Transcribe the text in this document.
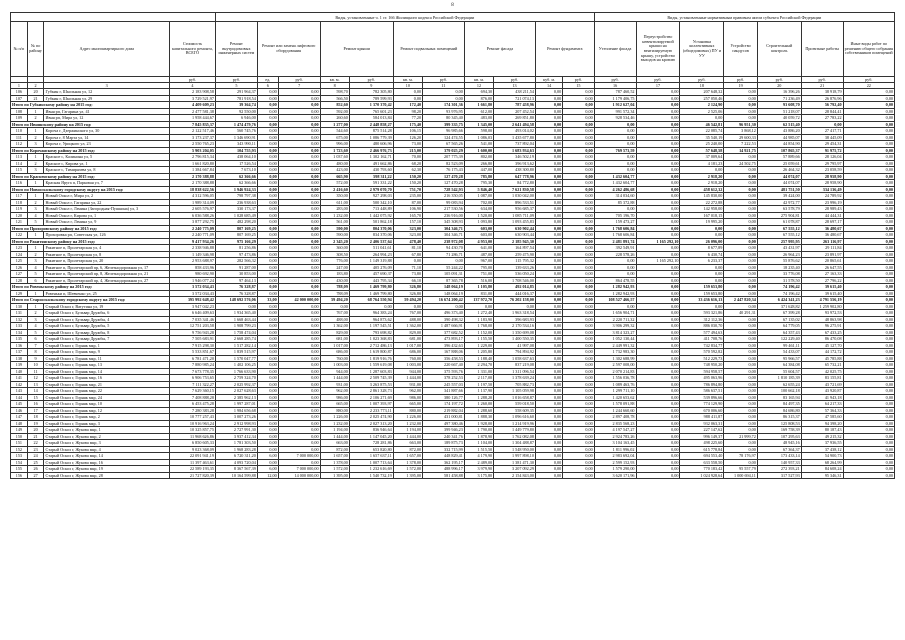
8
				Виды, установленные ч. 1 ст. 166 Жилищного кодекса Российской Федерации											Виды, установленные нормативным правовым актом субъекта Российской Федерации						
№ п/п	№ по району	Адрес многоквартирного дома	Стоимость капитального ремонта, ВСЕГО	Ремонт внутридомовых инженерных систем	Ремонт или замена лифтового оборудования		Ремонт крыши		Ремонт подвальных помещений		Ремонт фасада		Ремонт фундамента		Утепление фасада	Переустройство невентилируемой крыши на вентилируемую крышу, устройство выходов на кровлю	Установка коллективных (общедомовых) ПУ и УУ	Устройство пандусов	Строительный контроль	Проектные работы	Иные виды работ по решению общего собрания собственников помещений
			руб.	руб.	ед.	руб.	кв. м.	руб.	кв. м.	руб.	кв. м.	руб.	куб. м.	руб.	руб.	руб.	руб.	руб.	руб.	руб.	руб.
1	2	3	4	5	6	7	8	9	10	11	12	13	14	15	16	17	18	19	20	21	22
106	20	Губкин г, Школьная ул, 12	2 183 908,58	291 964,37	0,00	0,00	598,70	782 305,80	0,00	0,00	694,30	438 211,54	0,00	0,00	787 460,52	0,00	207 648,32	0,00	16 396,26	38 918,79	0,00
107	21	Губкин г, Школьная ул, 29	3 729 521,97	781 918,54	0,00	0,00	566,50	789 599,93	0,00	0,00	876,00	721 074,13	0,00	0,00	1 179 406,75	0,00	257 050,46	0,00	71 236,49	26 876,96	0,00
Итого по Губкинскому району на 2015 год:			4 409 609,23	39 364,74	0,00	0,00	852,60	1 370 370,42	172,40	174 301,36	1 661,80	787 458,96	0,00	0,00	1 912 627,04	0,00	2 124,90	0,00	93 608,70	56 792,40	0,00
108	1	Ивня рп, Гагарина ул, 41	2 477 581,38	92 550,00	0,00	0,00	592,00	765 601,23	98,20	93 976,95	612,00	207 452,54	0,00	0,00	991 572,34	0,00	2 525,06	0,00	51 218,07	28 844,41	0,00
109	2	Ивня рп, Мира ул, 12	1 958 444,67	6 946,00	0,00	0,00	260,60	584 013,84	77,20	80 345,40	483,00	269 851,80	0,00	0,00	928 534,46	0,00	0,00	0,00	40 059,72	27 783,22	0,00
Итого по Ивнянскому району на 2015 год:			7 845 835,37	1 474 479,76	0,00	0,00	1 277,00	2 448 858,27	175,40	399 335,75	1 345,00	2 641 494,58	0,00	0,00	0,00	0,00	46 542,81	96 951,30	62 515,40	0,00	0,00
110	1	Короча г, Дзержинского ул, 30	2 122 517,46	560 745,76	0,00	0,00	544,60	875 514,28	106,15	96 985,66	598,00	493 014,02	0,00	0,00	0,00	0,00	22 085,74	3 868,12	43 886,20	27 417,71	0,00
111	2	Короча г, 8 Марта ул, 14	3 173 237,37	1 346 690,91	0,00	0,00	675,00	1 086 779,39	126,20	124 474,55	1 086,03	1 435 677,80	0,00	0,00	0,00	0,00	35 540,19	29 600,33	44 985,07	38 445,09	0,00
112	3	Короча г, Урицкого ул, 23	2 550 765,23	343 990,11	0,00	0,00	996,00	480 606,96	73,00	67 565,26	541,00	737 892,04	0,00	0,00	0,00	0,00	25 240,00	7 222,53	44 854,90	29 454,31	0,00
Итого по Корочанскому району на 2015 год:			5 903 204,05	104 755,93	0,00	0,00	1 723,60	2 466 976,73	215,00	379 025,29	1 600,00	1 683 934,63	0,00	0,00	769 573,59	0,00	57 648,58	14 921,75	107 865,37	91 975,72	0,00
113	1	Красное с, Калинина ул, 5	2 796 815,34	438 064,10	0,00	0,00	1 037,60	1 302 162,71	70,00	207 775,39	802,00	346 502,19	0,00	0,00	0,00	0,00	37 009,64	0,00	57 889,66	28 126,04	0,00
114	2	Красное с, Кирова ул, 1	1 661 820,80	17 526,54	0,00	0,00	480,00	491 662,86	68,20	82 523,09	266,80	396 913,62	0,00	0,00	0,00	0,00	4 181,23	24 502,75	25 059,61	29 795,97	0,00
115	3	Красное с, Тимирязева ул, 8	1 384 667,84	7 673,10	0,00	0,00	423,00	430 793,60	62,30	76 175,43	447,00	438 300,80	0,00	0,00	0,00	0,00	0,00	0,00	26 464,32	23 058,59	0,00
Итого по Красненскому району на 2015 год:			2 170 388,88	62 366,66	0,00	0,00	665,90	598 311,22	150,20	127 470,28	785,80	647 778,96	0,00	0,00	1 432 604,77	0,00	2 918,20	0,00	44 074,07	28 958,90	0,00
116	1	Красная Яруга п, Парковая ул, 7	2 170 388,88	62 366,66	0,00	0,00	572,00	591 331,22	150,20	127 470,28	795,30	84 772,80	0,00	0,00	1 432 604,77	0,00	2 918,20	0,00	44 074,07	28 958,90	0,00
Итого по Новооскольскому городскому округу на 2015 год:			18 838 622,56	1 946 924,33	0,00	0,00	2 416,60	2 979 070,70	751,70	728 542,93	5 846,40	7 621 830,58	0,00	0,00	4 262 486,68	0,00	458 612,32	0,00	481 751,50	334 136,49	0,00
117	1	Новый Оскол г, Мира ул, 2	4 312 596,05	798 797,38	0,00	0,00	350,00	927 298,03	235,00	216 350,05	1 087,00	1 030 042,00	0,00	0,00	314 034,60	0,00	145 830,00	0,00	39 424,00	24 789,92	0,00
118	2	Новый Оскол г, Гагарина ул, 22	1 989 314,09	236 938,63	0,00	0,00	611,00	500 342,10	87,00	99 083,94	702,00	896 533,51	0,00	0,00	85 372,88	0,00	22 272,88	0,00	42 972,77	23 996,19	0,00
119	3	Новый Оскол г, Ленина (Загородная-Пушкина) ул, 3	2 605 576,97	330 173,37	0,00	0,00	283,00	713 448,89	106,90	217 530,56	634,00	956 685,37	0,00	0,00	0,00	0,00	142 958,00	0,00	63 578,79	28 989,43	0,00
120	4	Новый Оскол г, Кирова ул, 1	6 036 588,26	1 028 685,49	0,00	0,00	1 232,00	1 442 075,92	165,70	236 916,00	1 520,00	1 085 711,09	0,00	0,00	705 196,70	0,00	167 018,15	0,00	275 904,81	44 444,31	0,00
121	5	Новый Оскол г, Ленина ул, 9	3 877 292,75	482 298,20	0,00	0,00	561,00	501 862,18	157,10	345 308,93	1 093,80	1 093 455,83	0,00	0,00	159 473,27	0,00	19 995,20	0,00	61 078,87	28 697,17	0,00
Итого по Прохоровскому району на 2015 год:			2 240 775,09	807 169,25	0,00	0,00	590,00	804 370,06	323,00	304 346,71	603,00	630 902,44	0,00	0,00	1 768 606,84	0,00	0,00	0,00	67 555,12	36 480,67	0,00
122	1	Прохоровка рп, Советская ул, 126	2 240 771,09	807 169,25	0,00	0,00	590,00	834 370,06	323,00	304 346,71	603,00	630 903,44	0,00	0,00	1 768 606,84	0,00	0,00	0,00	67 555,12	36 480,67	0,00
Итого по Ракитянскому району на 2015 год:			9 417 934,26	975 166,29	0,00	0,00	2 345,20	2 406 537,64	478,40	238 972,08	4 953,00	2 185 945,30	0,00	0,00	2 481 891,74	1 165 292,10	26 096,00	0,00	257 995,95	263 116,97	0,00
123	1	Ракитное п, Пролетарская ул, 4	2 338 946,88	81 256,86	0,00	0,00	360,00	511 041,61	81,10	94 430,70	641,00	164 897,54	0,00	0,00	392 549,91	0,00	8 677,89	0,00	43 431,97	29 111,84	0,00
124	2	Ракитное п, Пролетарская ул, 8	1 149 346,98	97 473,86	0,00	0,00	308,50	264 994,23	67,80	71 286,71	487,00	259 475,90	0,00	0,00	228 578,26	0,00	6 430,74	0,00	26 964,23	23 891,97	0,00
125	3	Ракитное п, Пролетарская ул, 20	2 953 688,97	282 566,32	0,00	0,00	776,00	1 149 319,88	0,00	0,00	967,00	115 795,32	0,00	0,00	0,00	1 165 292,10	6 233,37	0,00	55 876,62	20 865,61	0,00
126	4	Ракитное п, Пролетарский пр, 6, Железнодорожная ул, 17	858 433,96	91 287,00	0,00	0,00	247,00	405 276,09	71,10	55 244,22	795,00	139 633,26	0,00	0,00	0,00	0,00	0,00	0,00	18 235,40	26 647,55	0,00
127	5	Ракитное п, Пролетарский пр, 8, Железнодорожная ул, 21	980 692,90	30 853,00	0,00	0,00	183,80	457 690,37	73,80	105 091,31	751,00	536 050,24	0,00	0,00	0,00	0,00	0,00	0,00	33 776,08	27 163,33	0,00
128	6	Ракитное п, Пролетарский пр, 4, Железнодорожная ул, 27	1 946 077,24	97 464,13	0,00	0,00	430,00	443 795,34	66,10	87 365,78	516,00	1 708 546,00	0,00	0,00	864 478,55	0,00	0,00	0,00	31 578,50	27 796,22	0,00
Итого по Ровеньскому району на 2015 год:			3 572 034,43	76 328,87	0,00	0,00	788,09	1 469 799,80	326,80	148 064,19	1 105,80	492 014,85	0,00	0,00	1 282 942,93	0,00	159 653,80	0,00	74 196,42	39 615,40	0,00
129	1	Ровеньки п, Шевченко ул, 25	3 572 034,43	76 328,87	0,00	0,00	788,09	1 469 799,80	326,80	148 064,19	831,00	444 016,37	0,00	0,00	1 282 942,93	0,00	159 653,80	0,00	74 196,42	39 615,40	0,00
Итого по Старооскольскому городскому округу на 2015 год:			395 992 648,42	148 692 576,06	33,00	42 000 000,00	59 494,20	68 764 550,94	59 494,20	16 674 200,42	137 972,70	76 202 158,00	0,00	0,00	108 527 466,57	0,00	33 436 616,13	2 447 820,34	6 424 341,23	4 791 556,19	0,00
130	1	Старый Оскол г, Ватутина ул, 19	3 947 042,23	0,00	0,00	0,00	0,00	0,00	0,00	0,00	0,00	0,00	0,00	0,00	0,00	0,00	0,00	0,00	371 628,82	1 259 902,80	0,00
131	2	Старый Оскол г, Бульвар Дружбы, 6	6 646 409,63	1 934 365,40	0,00	0,00	767,00	964 383,24	767,00	496 373,40	1 272,40	1 963 318,54	0,00	0,00	1 656 904,71	0,00	593 321,86	40 291,31	67 399,28	93 972,53	0,00
132	3	Старый Оскол г, Бульвар Дружбы, 4	7 035 341,46	1 668 463,44	0,00	0,00	488,00	964 873,62	488,00	390 498,32	1 183,90	396 683,93	0,00	0,00	2 220 711,32	0,00	312 112,36	0,00	67 135,02	48 863,98	0,00
133	4	Старый Оскол г, Бульвар Дружбы, 5	12 751 203,58	1 908 799,23	0,00	0,00	1 362,00	1 197 545,51	1 362,00	1 487 666,91	1 768,00	2 170 534,16	0,00	0,00	3 906 299,32	0,00	886 030,70	0,00	64 779,05	96 275,91	0,00
134	5	Старый Оскол г, Бульвар Дружбы, 8	9 756 943,28	1 758 474,04	0,00	0,00	829,00	793 698,82	829,00	377 682,52	1 152,00	1 350 699,08	0,00	0,00	3 814 323,27	0,00	577 494,63	0,00	64 357,43	67 433,25	0,00
135	6	Старый Оскол г, Бульвар Дружбы, 7	7 505 683,91	2 668 285,74	0,00	0,00	681,00	1 023 368,83	681,00	473 893,17	1 155,50	1 400 550,35	0,00	0,00	1 052 130,44	0,00	411 708,76	0,00	122 229,40	86 470,08	0,00
136	7	Старый Оскол г, Горняк мкр, 1	7 915 298,30	1 517 282,14	0,00	0,00	1 017,00	2 712 486,13	1 017,00	396 432,63	1 229,00	41 997,08	0,00	0,00	2 449 991,32	0,00	742 834,77	0,00	99 461,11	45 127,70	0,00
137	8	Старый Оскол г, Горняк мкр, 9	5 533 851,67	1 839 515,97	0,00	0,00	686,00	1 619 800,87	686,00	167 888,06	1 205,80	794 894,92	0,00	0,00	1 732 983,30	0,00	570 592,82	0,00	54 433,07	44 172,72	0,00
138	9	Старый Оскол г, Горняк мкр, 11	6 781 471,20	1 570 047,77	0,00	0,00	760,00	1 819 916,76	760,00	356 458,53	1 188,40	1 058 637,63	0,00	0,00	1 302 688,99	0,00	512 229,73	0,00	95 966,57	45 785,88	0,00
139	10	Старый Оскол г, Горняк мкр, 13	7 880 985,24	1 402 106,25	0,00	0,00	1 003,00	1 559 619,08	1 003,00	220 667,40	2 294,70	837 219,08	0,00	0,00	2 597 008,00	0,00	748 950,20	0,00	64 384,08	65 732,21	0,00
140	11	Старый Оскол г, Горняк мкр, 14	7 673 778,35	1 766 633,90	0,00	0,00	944,00	1 287 603,83	944,00	375 593,76	1 331,00	1 311 096,54	0,00	0,00	2 070 214,83	0,00	594 958,57	0,00	55 604,57	42 025,75	0,00
141	12	Старый Оскол г, Горняк мкр, 16	6 906 753,65	2 759 324,70	0,00	0,00	1 444,00	2 509 745,39	1 444,00	378 252,53	2 117,00	1 378 639,24	0,00	0,00	1 556 036,78	0,00	495 063,96	0,00	1 810 185,39	83 155,81	0,00
142	13	Старый Оскол г, Горняк мкр, 21	7 111 322,27	2 025 992,37	0,00	0,00	931,00	3 263 875,53	931,00	245 557,03	1 197,50	705 882,73	0,00	0,00	1 089 463,76	0,00	786 894,80	0,00	62 655,24	43 721,69	0,00
143	14	Старый Оскол г, Горняк мкр, 22	7 629 360,15	2 027 628,63	0,00	0,00	962,00	2 861 328,73	962,00	341 887,66	1 137,90	1 105 059,98	0,00	0,00	1 299 711,10	0,00	586 637,51	0,00	100 662,18	43 920,87	0,00
144	15	Старый Оскол г, Горняк мкр, 24	7 408 888,28	2 385 962,13	0,00	0,00	986,00	2 106 271,69	986,00	380 126,77	1 288,20	1 016 658,87	0,00	0,00	1 420 653,62	0,00	539 896,66	0,00	83 165,94	41 943,18	0,00
145	16	Старый Оскол г, Горняк мкр, 10	6 453 475,28	1 997 287,01	0,00	0,00	665,00	1 007 393,97	665,00	174 197,72	1 260,00	559 018,50	0,00	0,00	1 578 091,88	0,00	774 129,90	0,00	84 497,35	64 217,33	0,00
146	17	Старый Оскол г, Горняк мкр, 12	7 280 383,28	1 984 656,68	0,00	0,00	880,00	2 233 773,11	880,00	219 882,04	1 288,60	558 609,35	0,00	0,00	1 244 660,60	0,00	670 006,60	0,00	84 686,80	57 364,33	0,00
147	18	Старый Оскол г, Горняк мкр, 2	10 777 257,43	3 007 273,26	0,00	0,00	1 226,00	2 025 474,90	1 226,00	431 000,81	1 888,30	1 096 616,60	0,00	0,00	2 897 408,78	0,00	988 411,87	0,00	86 315,37	47 585,60	0,00
148	19	Старый Оскол г, Горняк мкр, 3	10 916 963,24	2 912 998,93	0,00	0,00	1 232,00	2 027 313,20	1 232,00	497 380,46	1 928,00	1 214 919,96	0,00	0,00	2 835 568,23	0,00	932 063,31	0,00	125 808,53	94 398,20	0,00
149	20	Старый Оскол г, Жукова мкр, 1	10 325 857,75	2 727 991,30	0,00	0,00	1 194,00	836 946,64	1 194,00	399 946,23	1 790,00	1 449 779,80	0,00	0,00	4 197 547,27	0,00	227 147,62	0,00	169 758,39	80 187,43	0,00
150	21	Старый Оскол г, Жукова мкр, 2	11 968 626,86	3 937 412,34	0,00	0,00	1 444,00	1 147 045,20	1 444,00	240 341,76	1 878,90	1 762 082,08	0,00	0,00	2 924 783,26	0,00	996 149,37	21 999,72	107 295,63	49 215,32	0,00
151	22	Старый Оскол г, Жукова мкр, 3	6 850 605,33	1 781 303,50	0,00	0,00	663,00	728 281,86	663,00	189 875,73	1 104,00	1 304 488,87	0,00	0,00	3 104 163,45	0,00	498 225,60	0,00	48 945,16	37 936,55	0,00
152	23	Старый Оскол г, Жукова мкр, 4	9 023 368,09	1 968 283,28	0,00	0,00	872,00	653 820,80	872,00	332 715,99	1 515,50	1 548 950,00	0,00	0,00	1 811 996,02	0,00	615 778,84	0,00	67 364,37	37 438,12	0,00
153	24	Старый Оскол г, Жукова мкр, 14	22 091 941,19	6 720 311,20	6,00	7 000 000,00	1 657,00	1 657 637,11	1 657,00	448 829,41	4 179,90	1 997 898,10	0,00	0,00	2 983 692,04	0,00	694 553,40	78 176,97	173 433,14	54 900,73	0,00
154	25	Старый Оскол г, Жукова мкр, 16	11 397 463,61	4 093 720,04	0,00	0,00	1 378,00	1 007 713,64	1 378,00	362 195,17	2 489,00	1 381 471,30	0,00	0,00	2 599 152,93	0,00	633 558,50	0,00	140 957,33	68 264,99	0,00
155	26	Старый Оскол г, Жукова мкр, 19	22 589 193,35	8 367 567,39	6,00	7 000 000,00	1 572,00	1 232 616,69	1 572,00	488 996,17	3 979,90	3 207 092,29	0,00	0,00	1 579 290,00	0,00	770 183,42	95 557,79	272 393,21	84 608,24	0,00
156	27	Старый Оскол г, Жукова мкр, 28	21 727 820,39	10 164 599,88	12,00	14 000 000,00	1 395,00	1 540 732,19	1 395,00	581 458,88	3 175,80	2 154 843,00	0,00	0,00	3 620 171,96	0,00	1 024 928,64	1 000 694,11	317 527,93	95 346,31	0,00
